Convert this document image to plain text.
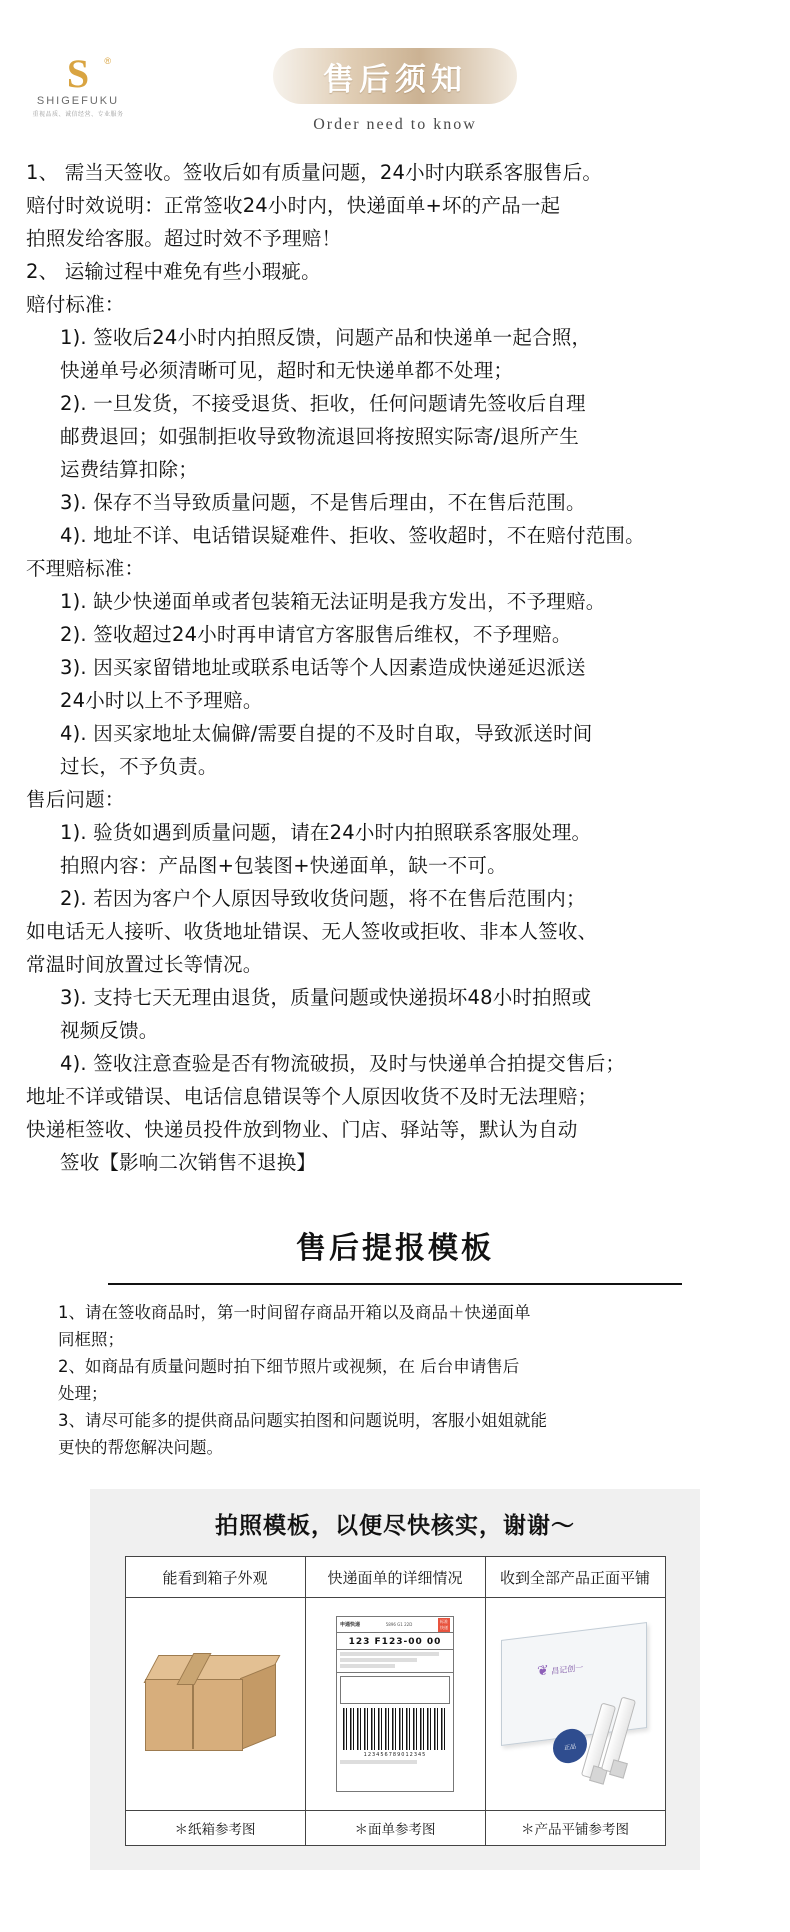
S ®
SHIGEFUKU
重视品质、诚信经营、专业服务
售后须知
Order need to know

1、 需当天签收。签收后如有质量问题，24小时内联系客服售后。

赔付时效说明：正常签收24小时内，快递面单+坏的产品一起

拍照发给客服。超过时效不予理赔！

2、 运输过程中难免有些小瑕疵。

赔付标准：

1). 签收后24小时内拍照反馈，问题产品和快递单一起合照，

快递单号必须清晰可见，超时和无快递单都不处理；

2). 一旦发货，不接受退货、拒收，任何问题请先签收后自理

邮费退回；如强制拒收导致物流退回将按照实际寄/退所产生

运费结算扣除；

3). 保存不当导致质量问题，不是售后理由，不在售后范围。

4). 地址不详、电话错误疑难件、拒收、签收超时，不在赔付范围。

不理赔标准：

1). 缺少快递面单或者包装箱无法证明是我方发出，不予理赔。

2). 签收超过24小时再申请官方客服售后维权，不予理赔。

3). 因买家留错地址或联系电话等个人因素造成快递延迟派送

24小时以上不予理赔。

4). 因买家地址太偏僻/需要自提的不及时自取，导致派送时间

过长，不予负责。

售后问题：

1). 验货如遇到质量问题，请在24小时内拍照联系客服处理。

拍照内容：产品图+包装图+快递面单，缺一不可。

2). 若因为客户个人原因导致收货问题，将不在售后范围内；

如电话无人接听、收货地址错误、无人签收或拒收、非本人签收、

常温时间放置过长等情况。

3). 支持七天无理由退货，质量问题或快递损坏48小时拍照或

视频反馈。

4). 签收注意查验是否有物流破损，及时与快递单合拍提交售后；

地址不详或错误、电话信息错误等个人原因收货不及时无法理赔；

快递柜签收、快递员投件放到物业、门店、驿站等，默认为自动

签收【影响二次销售不退换】

售后提报模板

1、请在签收商品时，第一时间留存商品开箱以及商品＋快递面单

同框照；

2、如商品有质量问题时拍下细节照片或视频，在 后台申请售后

处理；

3、请尽可能多的提供商品问题实拍图和问题说明，客服小姐姐就能

更快的帮您解决问题。

拍照模板，以便尽快核实，谢谢～
能看到箱子外观	快递面单的详细情况	收到全部产品正面平铺

申通快递	5896 G1 22D
标准
快递
123 F123-00 00
123456789012345

❦ 昌记创一
正品

＊纸箱参考图	＊面单参考图	＊产品平铺参考图
